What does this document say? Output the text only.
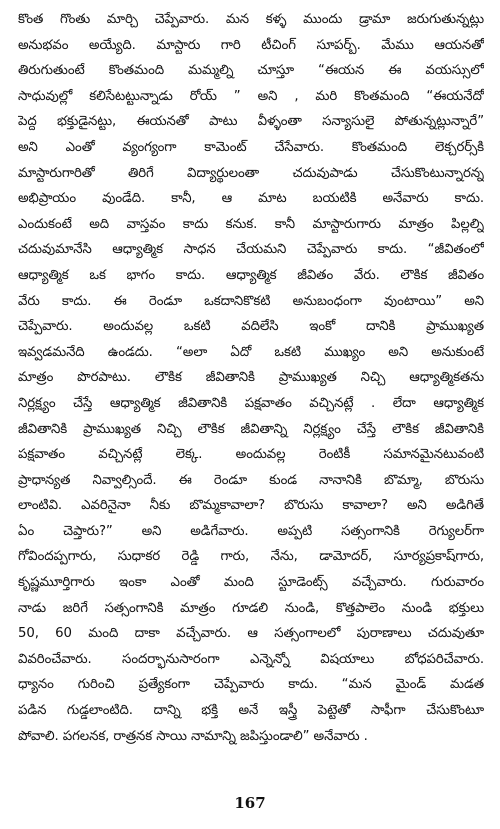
కొంత గొంతు మార్చి చెప్పేవారు. మన కళ్ళ ముందు డ్రామా జరుగుతున్నట్లు
అనుభవం అయ్యేది. మాస్టారు గారి టీచింగ్ సూపర్బ్. మేము ఆయనతో
తిరుగుతుంటే కొంతమంది మమ్మల్ని చూస్తూ “ఈయన ఈ వయస్సులో
సాధువుల్లో కలిసేటట్టున్నాడు రోయ్ ” అని , మరి కొంతమంది “ఈయనేదో
పెద్ద భక్తుడైనట్టు, ఈయనతో పాటు వీళ్ళంతా సన్యాసులై పోతున్నట్లున్నారే”
అని ఎంతో వ్యంగ్యంగా కామెంట్ చేసేవారు. కొంతమంది లెక్చరర్స్‌కి
మాస్టారుగారితో తిరిగే విద్యార్థులంతా చదువుపాడు చేసుకొంటున్నారన్న
అభిప్రాయం వుండేది. కానీ, ఆ మాట బయటికి అనేవారు కాదు.
ఎందుకంటే అది వాస్తవం కాదు కనుక. కానీ మాస్టారుగారు మాత్రం పిల్లల్ని
చదువుమానేసి ఆధ్యాత్మిక సాధన చేయమని చెప్పేవారు కాదు. “జీవితంలో
ఆధ్యాత్మిక ఒక భాగం కాదు. ఆధ్యాత్మిక జీవితం వేరు. లౌకిక జీవితం
వేరు కాదు. ఈ రెండూ ఒకదానికొకటి అనుబంధంగా వుంటాయి” అని
చెప్పేవారు. అందువల్ల ఒకటి వదిలేసి ఇంకో దానికి ప్రాముఖ్యత
ఇవ్వడమనేది ఉండదు. “అలా ఏదో ఒకటి ముఖ్యం అని అనుకుంటే
మాత్రం పొరపాటు. లౌకిక జీవితానికి ప్రాముఖ్యత నిచ్చి ఆధ్యాత్మికతను
నిర్లక్ష్యం చేస్తే ఆధ్యాత్మిక జీవితానికి పక్షవాతం వచ్చినట్లే . లేదా ఆధ్యాత్మిక
జీవితానికి ప్రాముఖ్యత నిచ్చి లౌకిక జీవితాన్ని నిర్లక్ష్యం చేస్తే లౌకిక జీవితానికి
పక్షవాతం వచ్చినట్లే లెక్క. అందువల్ల రెంటికీ సమానమైనటువంటి
ప్రాధాన్యత నివ్వాల్సిందే. ఈ రెండూ కుండ నానానికి బొమ్మా, బొరుసు
లాంటివి. ఎవరినైనా నీకు బొమ్మకావాలా? బొరుసు కావాలా? అని అడిగితే
ఏం చెప్తారు?” అని అడిగేవారు. అప్పటి సత్సంగానికి రెగ్యులర్‌గా
గోవిందప్పగారు, సుధాకర రెడ్డి గారు, నేను, డామోదర్, సూర్యప్రకాష్‌గారు,
కృష్ణమూర్తిగారు ఇంకా ఎంతో మంది స్టూడెంట్స్ వచ్చేవారు. గురువారం
నాడు జరిగే సత్సంగానికి మాత్రం గూడలి నుండి, కొత్తపాలెం నుండి భక్తులు
50, 60 మంది దాకా వచ్చేవారు. ఆ సత్సంగాలలో పురాణాలు చదువుతూ
వివరించేవారు. సందర్భానుసారంగా ఎన్నెన్నో విషయాలు బోధపరిచేవారు.
ధ్యానం గురించి ప్రత్యేకంగా చెప్పేవారు కాదు. “మన మైండ్ మడత
పడిన గుడ్డలాంటిది. దాన్ని భక్తి అనే ఇస్త్రీ పెట్టెతో సాఫీగా చేసుకొంటూ
పోవాలి. పగలనక, రాత్రనక సాయి నామాన్ని జపిస్తుండాలి” అనేవారు .
167
